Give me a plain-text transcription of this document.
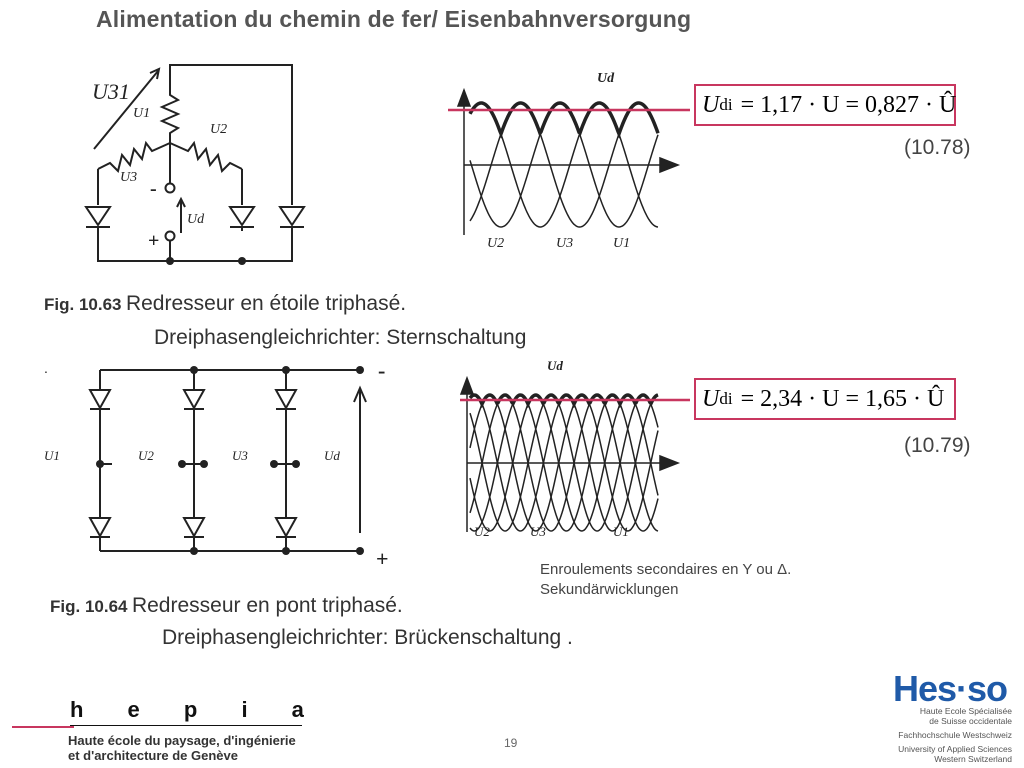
Alimentation du chemin de fer/ Eisenbahnversorgung
U31
U1
U2
U3
Ud
-
+
Ud
U2	U3	U1
U di = 1,17 · U = 0,827 · Û
(10.78)
Fig. 10.63 Redresseur en étoile triphasé.
Dreiphasengleichrichter: Sternschaltung
.
U1	U2	U3	Ud
-
+
Ud
U2	U3	U1
U di = 2,34 · U = 1,65 · Û
(10.79)
Enroulements secondaires en Y ou Δ.
Sekundärwicklungen
Fig. 10.64 Redresseur en pont triphasé.
Dreiphasengleichrichter: Brückenschaltung .
h e p i a
Haute école du paysage, d'ingénierie
et d'architecture de Genève
19
Hes·so
Haute Ecole Spécialisée
de Suisse occidentale
Fachhochschule Westschweiz
University of Applied Sciences
Western Switzerland
